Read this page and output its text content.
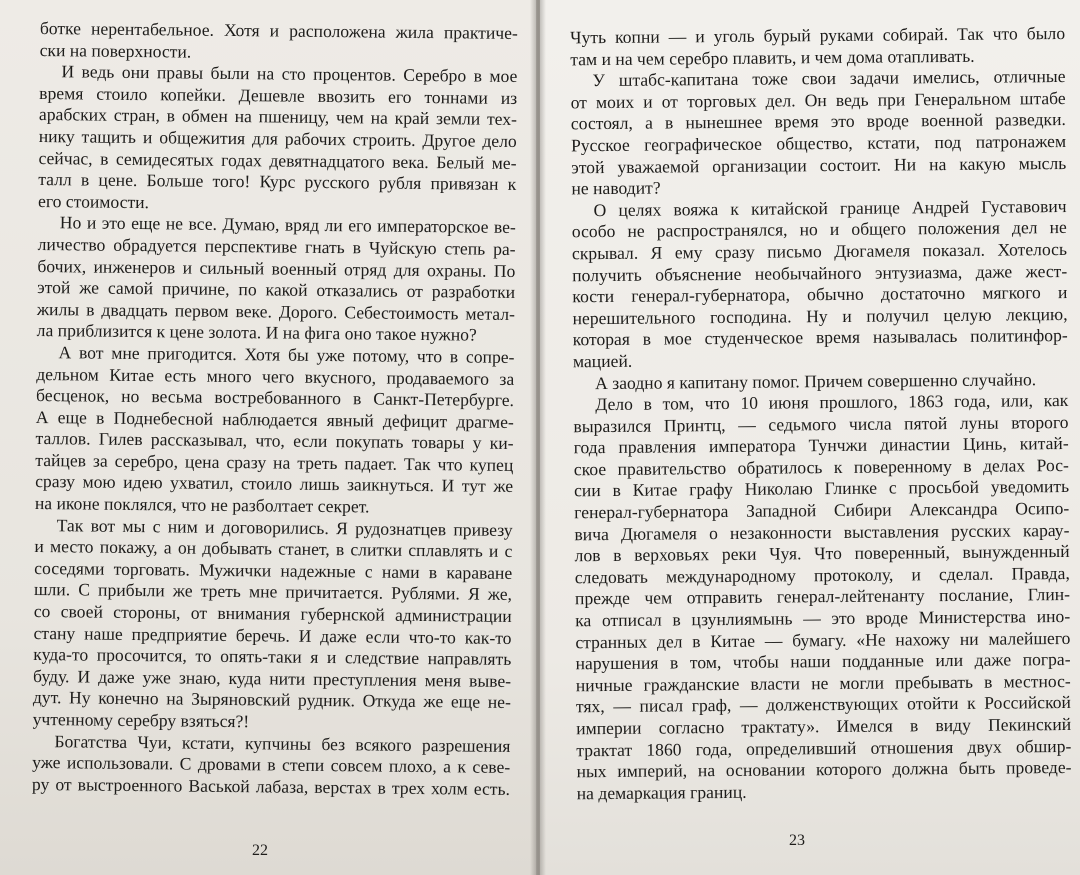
ботке нерентабельное. Хотя и расположена жила практиче-
ски на поверхности.
И ведь они правы были на сто процентов. Серебро в мое
время стоило копейки. Дешевле ввозить его тоннами из
арабских стран, в обмен на пшеницу, чем на край земли тех-
нику тащить и общежития для рабочих строить. Другое дело
сейчас, в семидесятых годах девятнадцатого века. Белый ме-
талл в цене. Больше того! Курс русского рубля привязан к
его стоимости.
Но и это еще не все. Думаю, вряд ли его императорское ве-
личество обрадуется перспективе гнать в Чуйскую степь ра-
бочих, инженеров и сильный военный отряд для охраны. По
этой же самой причине, по какой отказались от разработки
жилы в двадцать первом веке. Дорого. Себестоимость метал-
ла приблизится к цене золота. И на фига оно такое нужно?
А вот мне пригодится. Хотя бы уже потому, что в сопре-
дельном Китае есть много чего вкусного, продаваемого за
бесценок, но весьма востребованного в Санкт-Петербурге.
А еще в Поднебесной наблюдается явный дефицит драгме-
таллов. Гилев рассказывал, что, если покупать товары у ки-
тайцев за серебро, цена сразу на треть падает. Так что купец
сразу мою идею ухватил, стоило лишь заикнуться. И тут же
на иконе поклялся, что не разболтает секрет.
Так вот мы с ним и договорились. Я рудознатцев привезу
и место покажу, а он добывать станет, в слитки сплавлять и с
соседями торговать. Мужички надежные с нами в караване
шли. С прибыли же треть мне причитается. Рублями. Я же,
со своей стороны, от внимания губернской администрации
стану наше предприятие беречь. И даже если что-то как-то
куда-то просочится, то опять-таки я и следствие направлять
буду. И даже уже знаю, куда нити преступления меня выве-
дут. Ну конечно на Зыряновский рудник. Откуда же еще не-
учтенному серебру взяться?!
Богатства Чуи, кстати, купчины без всякого разрешения
уже использовали. С дровами в степи совсем плохо, а к севе-
ру от выстроенного Васькой лабаза, верстах в трех холм есть.
22
Чуть копни — и уголь бурый руками собирай. Так что было
там и на чем серебро плавить, и чем дома отапливать.
У штабс-капитана тоже свои задачи имелись, отличные
от моих и от торговых дел. Он ведь при Генеральном штабе
состоял, а в нынешнее время это вроде военной разведки.
Русское географическое общество, кстати, под патронажем
этой уважаемой организации состоит. Ни на какую мысль
не наводит?
О целях вояжа к китайской границе Андрей Густавович
особо не распространялся, но и общего положения дел не
скрывал. Я ему сразу письмо Дюгамеля показал. Хотелось
получить объяснение необычайного энтузиазма, даже жест-
кости генерал-губернатора, обычно достаточно мягкого и
нерешительного господина. Ну и получил целую лекцию,
которая в мое студенческое время называлась политинфор-
мацией.
А заодно я капитану помог. Причем совершенно случайно.
Дело в том, что 10 июня прошлого, 1863 года, или, как
выразился Принтц, — седьмого числа пятой луны второго
года правления императора Тунчжи династии Цинь, китай-
ское правительство обратилось к поверенному в делах Рос-
сии в Китае графу Николаю Глинке с просьбой уведомить
генерал-губернатора Западной Сибири Александра Осипо-
вича Дюгамеля о незаконности выставления русских карау-
лов в верховьях реки Чуя. Что поверенный, вынужденный
следовать международному протоколу, и сделал. Правда,
прежде чем отправить генерал-лейтенанту послание, Глин-
ка отписал в цзунлиямынь — это вроде Министерства ино-
странных дел в Китае — бумагу. «Не нахожу ни малейшего
нарушения в том, чтобы наши подданные или даже погра-
ничные гражданские власти не могли пребывать в местнос-
тях, — писал граф, — долженствующих отойти к Российской
империи согласно трактату». Имелся в виду Пекинский
трактат 1860 года, определивший отношения двух обшир-
ных империй, на основании которого должна быть проведе-
на демаркация границ.
23
